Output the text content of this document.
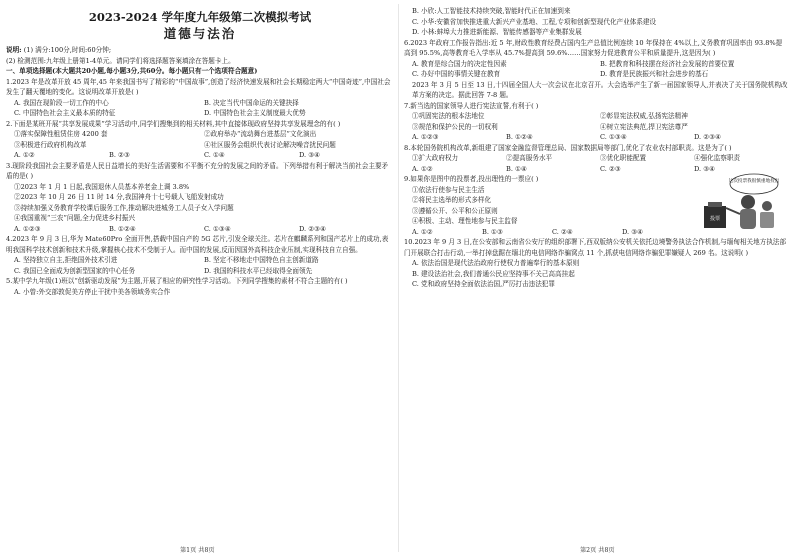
2023-2024 学年度九年级第二次模拟考试
道德与法治

说明: (1) 满分:100分,时间:60分钟;

(2) 检测范围:九年级上册第1-4单元。请同学们将选择题答案填涂在答题卡上。

一、单项选择题(本大题共20小题,每小题3分,共60分。每小题只有一个选项符合题意)

1.2023 年是改革开放 45 周年,45 年来我国书写了精彩的“中国故事”,创造了经济快速发展和社会长期稳定两大“中国奇迹”,中国社会发生了翻天覆地的变化。这说明改革开放是( )

A. 我国在现阶段一切工作的中心	B. 决定当代中国命运的关键抉择
C. 中国特色社会主义最本质的特征	D. 中国特色社会主义制度最大优势

2.下面是某班开展“共享发展成果”学习活动中,同学们搜集到的相关材料,其中直接体现政府坚持共享发展理念的有( )

①落实保障性租赁住房 4200 套	②政府举办“流动舞台进基层”文化演出
③积极进行政府机构改革	④社区服务会组织代表讨论解决噪音扰民问题
A. ①②	B. ②③	C. ①④	D. ③④

3.现阶段我国社会主要矛盾是人民日益增长的美好生活需要和不平衡不充分的发展之间的矛盾。下列举措有利于解决当前社会主要矛盾的是( )

①2023 年 1 月 1 日起,我国退休人员基本养老金上调 3.8%

②2023 年 10 月 26 日 11 时 14 分,我国神舟十七号载人飞船发射成功

③持续加强义务教育学校课后服务工作,推动解决进城务工人员子女入学问题

④我国重视“三农”问题,全力促进乡村振兴

A. ①②③	B. ①②④	C. ①③④	D. ②③④

4.2023 年 9 月 3 日,华为 Mate60Pro 全面开售,搭载中国自产的 5G 芯片,引发全球关注。芯片在麒麟系列和国产芯片上的成功,表明我国科学技术创新和技术升级,掌握核心技术不受制于人。而中国的发展,反而因国外高科技企业压制,实现科技自立自强。

A. 坚持独立自主,拒绝国外技术引进	B. 坚定不移地走中国特色自主创新道路
C. 我国已全面成为创新型国家的中心任务	D. 我国的科技水平已经取得全面领先

5.某中学九年级(1)班以“创新驱动发展”为主题,开展了相应的研究性学习活动。下列同学搜集的素材不符合主题的有( )

A. 小曾:外交部敦促美方停止干扰中美各领域务实合作

B. 小欣:人工智能技术持续突破,智能时代正在加速到来

C. 小华:安徽省加快推进重大新兴产业基地、工程,专项和创新型现代化产业体系建设

D. 小林:蚌埠大力推进新能源、智能传感器等产业集群发展

6.2023 年政府工作报告指出:近 5 年,财政性教育经费占国内生产总值比例连续 10 年保持在 4%以上,义务教育巩固率由 93.8%提高到 95.5%,高等教育毛入学率从 45.7%提高到 59.6%……国家努力促进教育公平和质量提升,这是因为( )

A. 教育是综合国力的决定性因素	B. 把教育和科技摆在经济社会发展的首要位置
C. 办好中国的事情关键在教育	D. 教育是民族振兴和社会进步的基石

2023 年 3 月 5 日至 13 日,十四届全国人大一次会议在北京召开。大会选举产生了新一届国家领导人,并表决了关于国务院机构改革方案的决定。据此回答 7-8 题。

7.新当选的国家领导人进行宪法宣誓,有利于( )

①巩固宪法的根本法地位	②彰显宪法权威,弘扬宪法精神
③规范和保护公民的一切权利	④树立宪法典范,捍卫宪法尊严
A. ①②③	B. ①②④	C. ①③④	D. ②③④

8.本轮国务院机构改革,新组建了国家金融监督管理总局、国家数据局等部门,优化了农业农村部职责。这是为了( )

①扩大政府权力	②提高服务水平	③优化职能配置	④强化监察职责
A. ①②	B. ①④	C. ②③	D. ③④

9.如果你是图中的投票者,投出理性的一票应( )

①依法行使参与民主生活

②将民主选举的形式多样化

③遵循公开、公平和公正原则

④积极、主动、理性地参与民主监督

A. ①②	B. ①③	C. ②④	D. ③④
这次投票我很慎重地投出
投票

10.2023 年 9 月 3 日,在公安部和云南省公安厅的组织部署下,西双版纳公安机关依托边境警务执法合作机制,与缅甸相关地方执法部门开展联合打击行动,一举打掉盘踞在缅北的电信网络诈骗窝点 11 个,抓获电信网络诈骗犯罪嫌疑人 269 名。这说明( )

A. 依法治国是现代法治政府行使权力普遍奉行的基本原则

B. 建设法治社会,我们普通公民应坚持事不关己高高挂起

C. 党和政府坚持全面依法治国,严厉打击违法犯罪

第1页 共8页	第2页 共8页
